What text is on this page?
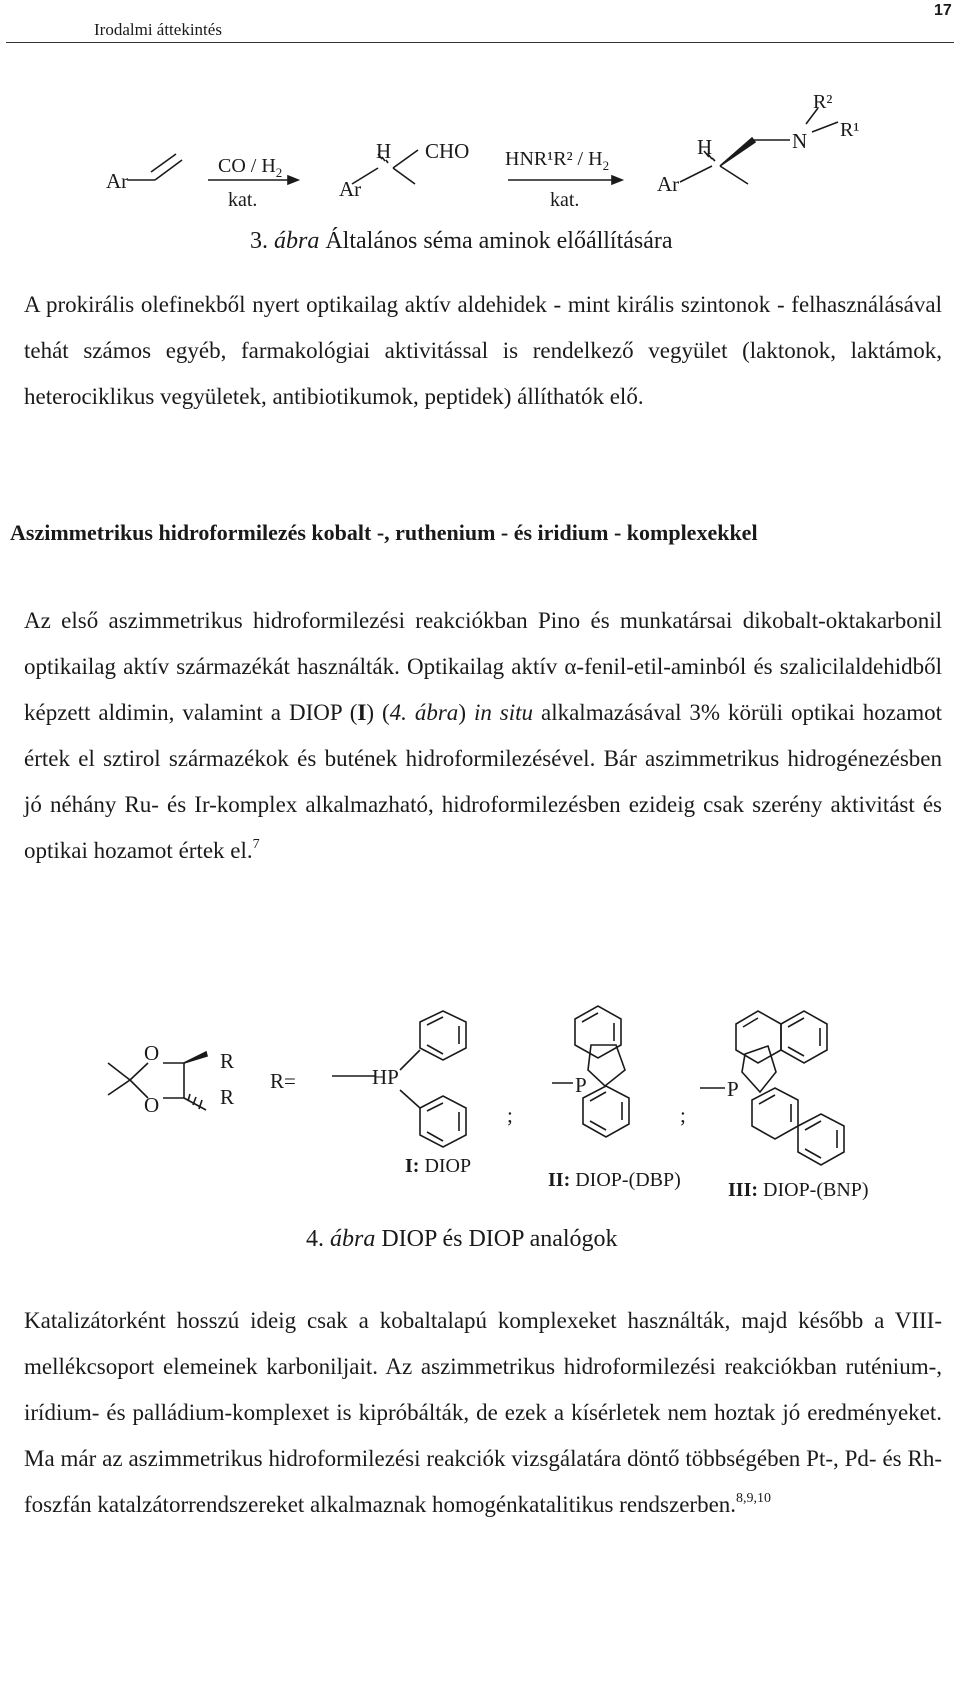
Irodalmi áttekintés
17
Ar
CO / $H_2$
kat.	Ar
H CHO $HNR^1R^2 / H_2$
kat.
Ar
H	N
R²
R¹
3. ábra Általános séma aminok előállítására
A prokirális olefinekből nyert optikailag aktív aldehidek - mint királis szintonok - felhasználásával tehát számos egyéb, farmakológiai aktivitással is rendelkező vegyület (laktonok, laktámok, heterociklikus vegyületek, antibiotikumok, peptidek) állíthatók elő.
Aszimmetrikus hidroformilezés kobalt -, ruthenium - és iridium - komplexekkel
Az első aszimmetrikus hidroformilezési reakciókban Pino és munkatársai dikobalt-oktakarbonil optikailag aktív származékát használták. Optikailag aktív α-fenil-etil-aminból és szalicilaldehidből képzett aldimin, valamint a DIOP (I) (4. ábra) in situ alkalmazásával 3% körüli optikai hozamot értek el sztirol származékok és butének hidroformilezésével. Bár aszimmetrikus hidrogénezésben jó néhány Ru- és Ir-komplex alkalmazható, hidroformilezésben ezideig csak szerény aktivitást és optikai hozamot értek el.$^7$
O
O
R
R
R=	HP
I: DIOP
;
P
II: DIOP-(DBP)
;
P
III: DIOP-(BNP)
4. ábra DIOP és DIOP analógok
Katalizátorként hosszú ideig csak a kobaltalapú komplexeket használták, majd később a VIII-mellékcsoport elemeinek karboniljait. Az aszimmetrikus hidroformilezési reakciókban ruténium-, irídium- és palládium-komplexet is kipróbálták, de ezek a kísérletek nem hoztak jó eredményeket. Ma már az aszimmetrikus hidroformilezési reakciók vizsgálatára döntő többségében Pt-, Pd- és Rh-foszfán katalzátorrendszereket alkalmaznak homogénkatalitikus rendszerben.$^{8,9,10}$
